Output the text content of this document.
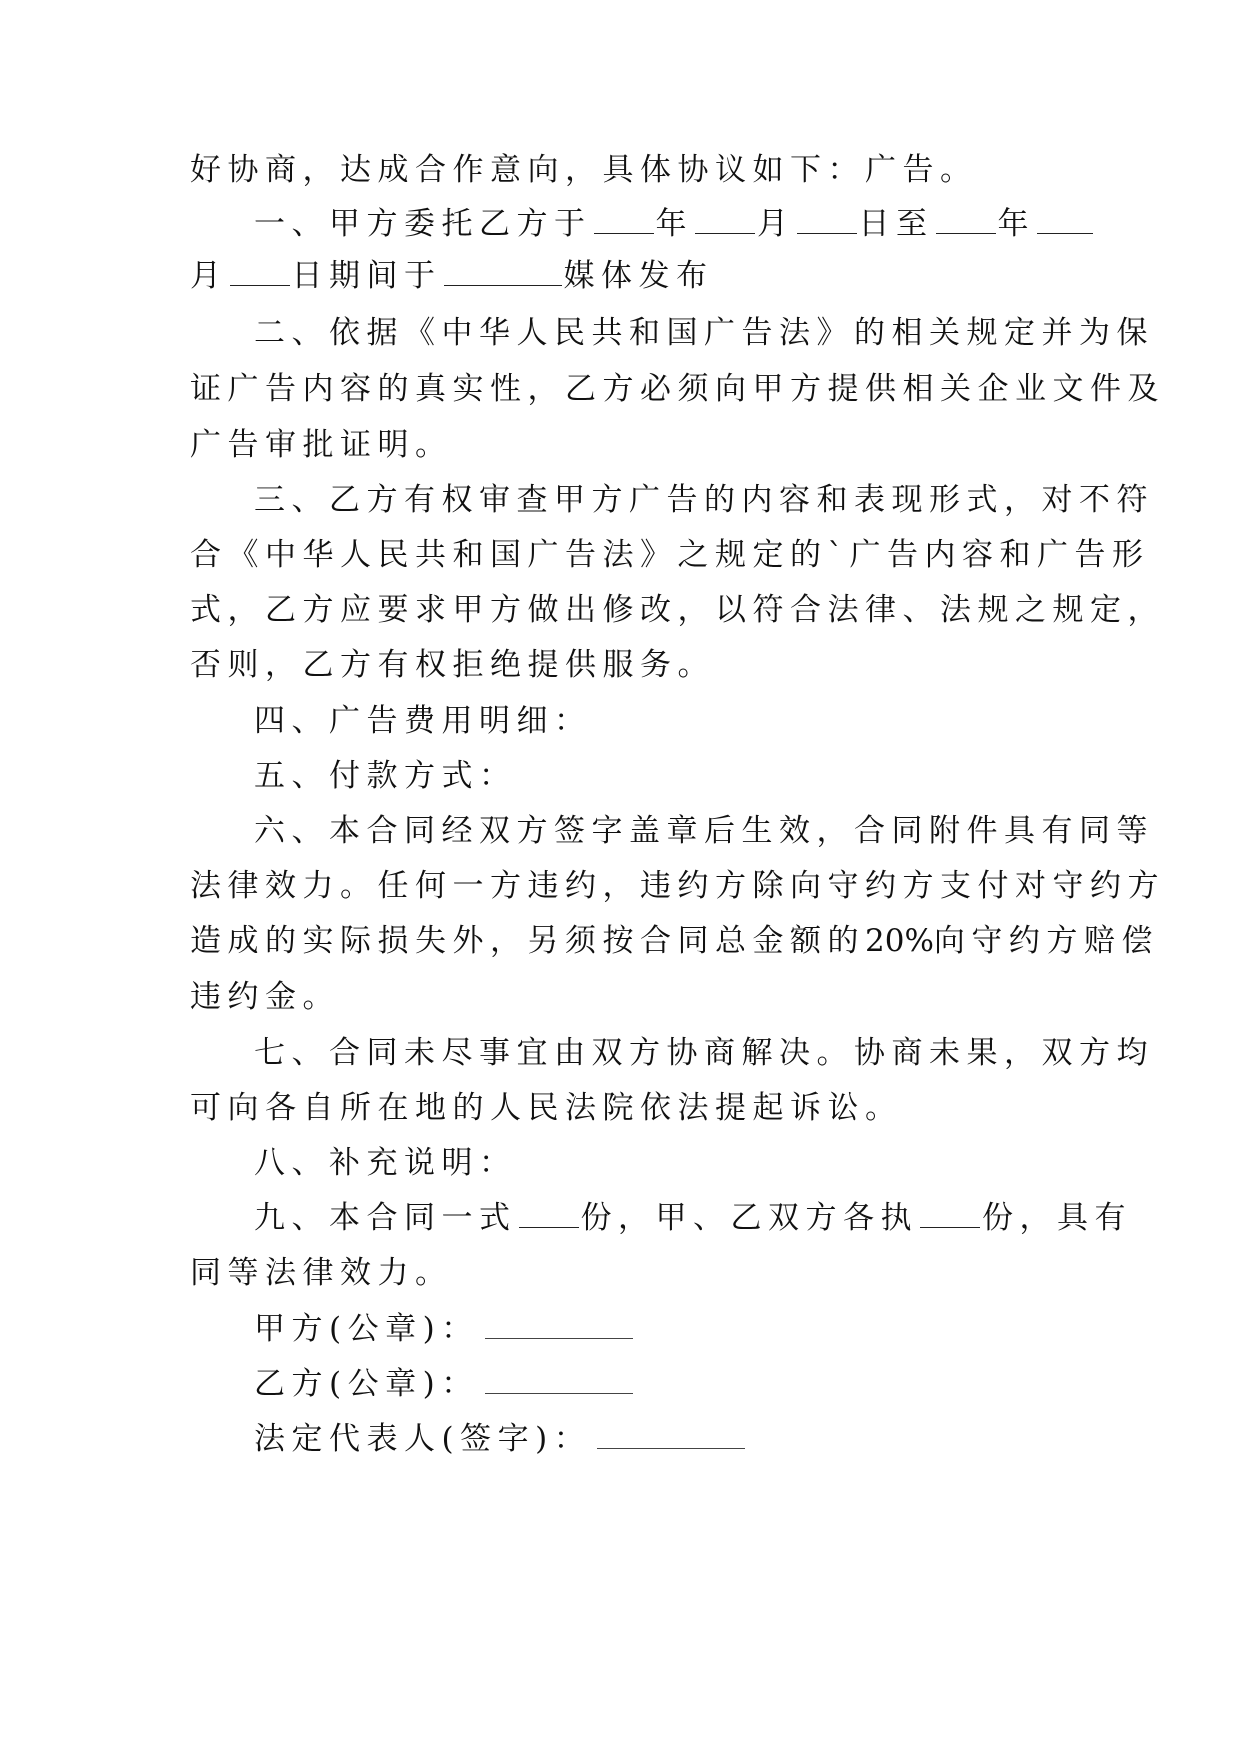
好协商，达成合作意向，具体协议如下：广告。
一、甲方委托乙方于 年 月 日至 年
月 日期间于	媒体发布
二、依据《中华人民共和国广告法》的相关规定并为保
证广告内容的真实性，乙方必须向甲方提供相关企业文件及
广告审批证明。
三、乙方有权审查甲方广告的内容和表现形式，对不符
合《中华人民共和国广告法》之规定的`广告内容和广告形
式，乙方应要求甲方做出修改，以符合法律、法规之规定，
否则，乙方有权拒绝提供服务。
四、广告费用明细：
五、付款方式：
六、本合同经双方签字盖章后生效，合同附件具有同等
法律效力。任何一方违约，违约方除向守约方支付对守约方
造成的实际损失外，另须按合同总金额的20%向守约方赔偿
违约金。
七、合同未尽事宜由双方协商解决。协商未果，双方均
可向各自所在地的人民法院依法提起诉讼。
八、补充说明：
九、本合同一式 份，甲、乙双方各执 份，具有
同等法律效力。
甲方(公章)：
乙方(公章)：
法定代表人(签字)：
